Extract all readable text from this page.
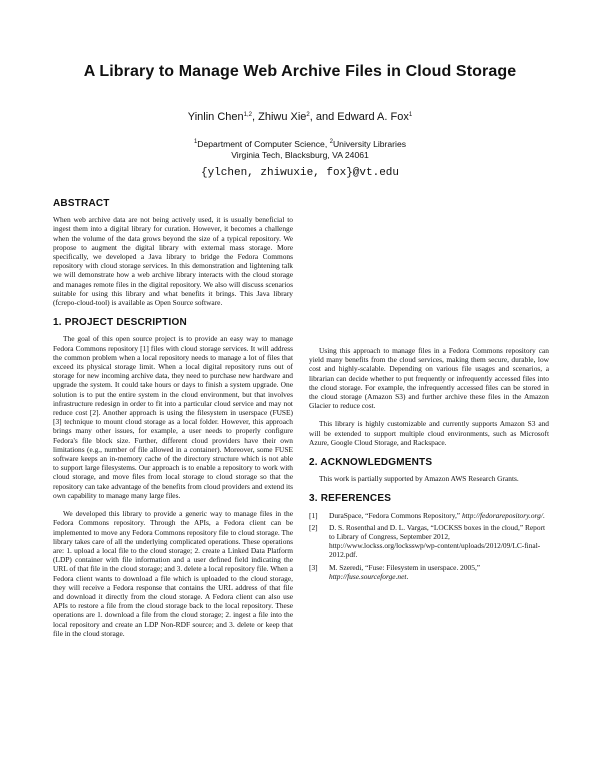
A Library to Manage Web Archive Files in Cloud Storage
Yinlin Chen$^{1,2}$, Zhiwu Xie$^2$, and Edward A. Fox$^1$
$^1$Department of Computer Science, $^2$University Libraries
Virginia Tech, Blacksburg, VA 24061
{ylchen, zhiwuxie, fox}@vt.edu
ABSTRACT

When web archive data are not being actively used, it is usually beneficial to ingest them into a digital library for curation. However, it becomes a challenge when the volume of the data grows beyond the size of a typical repository. We propose to augment the digital library with external mass storage. More specifically, we developed a Java library to bridge the Fedora Commons repository with cloud storage services. In this demonstration and lightening talk we will demonstrate how a web archive library interacts with the cloud storage and manages remote files in the digital repository. We also will discuss scenarios suitable for using this library and what benefits it brings. This Java library (fcrepo-cloud-tool) is available as Open Source software.

1. PROJECT DESCRIPTION

The goal of this open source project is to provide an easy way to manage Fedora Commons repository [1] files with cloud storage services. It will address the common problem when a local repository needs to manage a lot of files that exceed its physical storage limit. When a local digital repository runs out of storage for new incoming archive data, they need to purchase new hardware and upgrade the system. It could take hours or days to finish a system upgrade. One solution is to put the entire system in the cloud environment, but that involves infrastructure redesign in order to fit into a particular cloud service and may not reduce cost [2]. Another approach is using the filesystem in userspace (FUSE) [3] technique to mount cloud storage as a local folder. However, this approach brings many other issues, for example, a user needs to properly configure Fedora's file block size. Further, different cloud providers have their own limitations (e.g., number of file allowed in a container). Moreover, some FUSE software keeps an in-memory cache of the directory structure which is not able to support large filesystems. Our approach is to enable a repository to work with cloud storage, and move files from local storage to cloud storage so that the repository can take advantage of the benefits from cloud providers and extend its own capability to manage many large files.

We developed this library to provide a generic way to manage files in the Fedora Commons repository. Through the APIs, a Fedora client can be implemented to move any Fedora Commons repository file to cloud storage. The library takes care of all the underlying complicated operations. These operations are: 1. upload a local file to the cloud storage; 2. create a Linked Data Platform (LDP) container with file information and a user defined field indicating the URL of that file in the cloud storage; and 3. delete a local repository file. When a Fedora client wants to download a file which is uploaded to the cloud storage, they will receive a Fedora response that contains the URL address of that file and download it directly from the cloud storage. A Fedora client can also use APIs to restore a file from the cloud storage back to the local repository. These operations are 1. download a file from the cloud storage; 2. ingest a file into the local repository and create an LDP Non-RDF source; and 3. delete or keep that file in the cloud storage.

Using this approach to manage files in a Fedora Commons repository can yield many benefits from the cloud services, making them secure, durable, low cost and highly-scalable. Depending on various file usages and scenarios, a librarian can decide whether to put frequently or infrequently accessed files into the cloud storage. For example, the infrequently accessed files can be stored in the cloud storage (Amazon S3) and further archive these files in the Amazon Glacier to reduce cost.

This library is highly customizable and currently supports Amazon S3 and will be extended to support multiple cloud environments, such as Microsoft Azure, Google Cloud Storage, and Rackspace.

2. ACKNOWLEDGMENTS

This work is partially supported by Amazon AWS Research Grants.

3. REFERENCES
[1] DuraSpace, “Fedora Commons Repository,” http://fedorarepository.org/.
[2] D. S. Rosenthal and D. L. Vargas, “LOCKSS boxes in the cloud,” Report to Library of Congress, September 2012, http://www.lockss.org/locksswp/wp-content/uploads/2012/09/LC-final-2012.pdf.
[3] M. Szeredi, “Fuse: Filesystem in userspace. 2005,” http://fuse.sourceforge.net.
